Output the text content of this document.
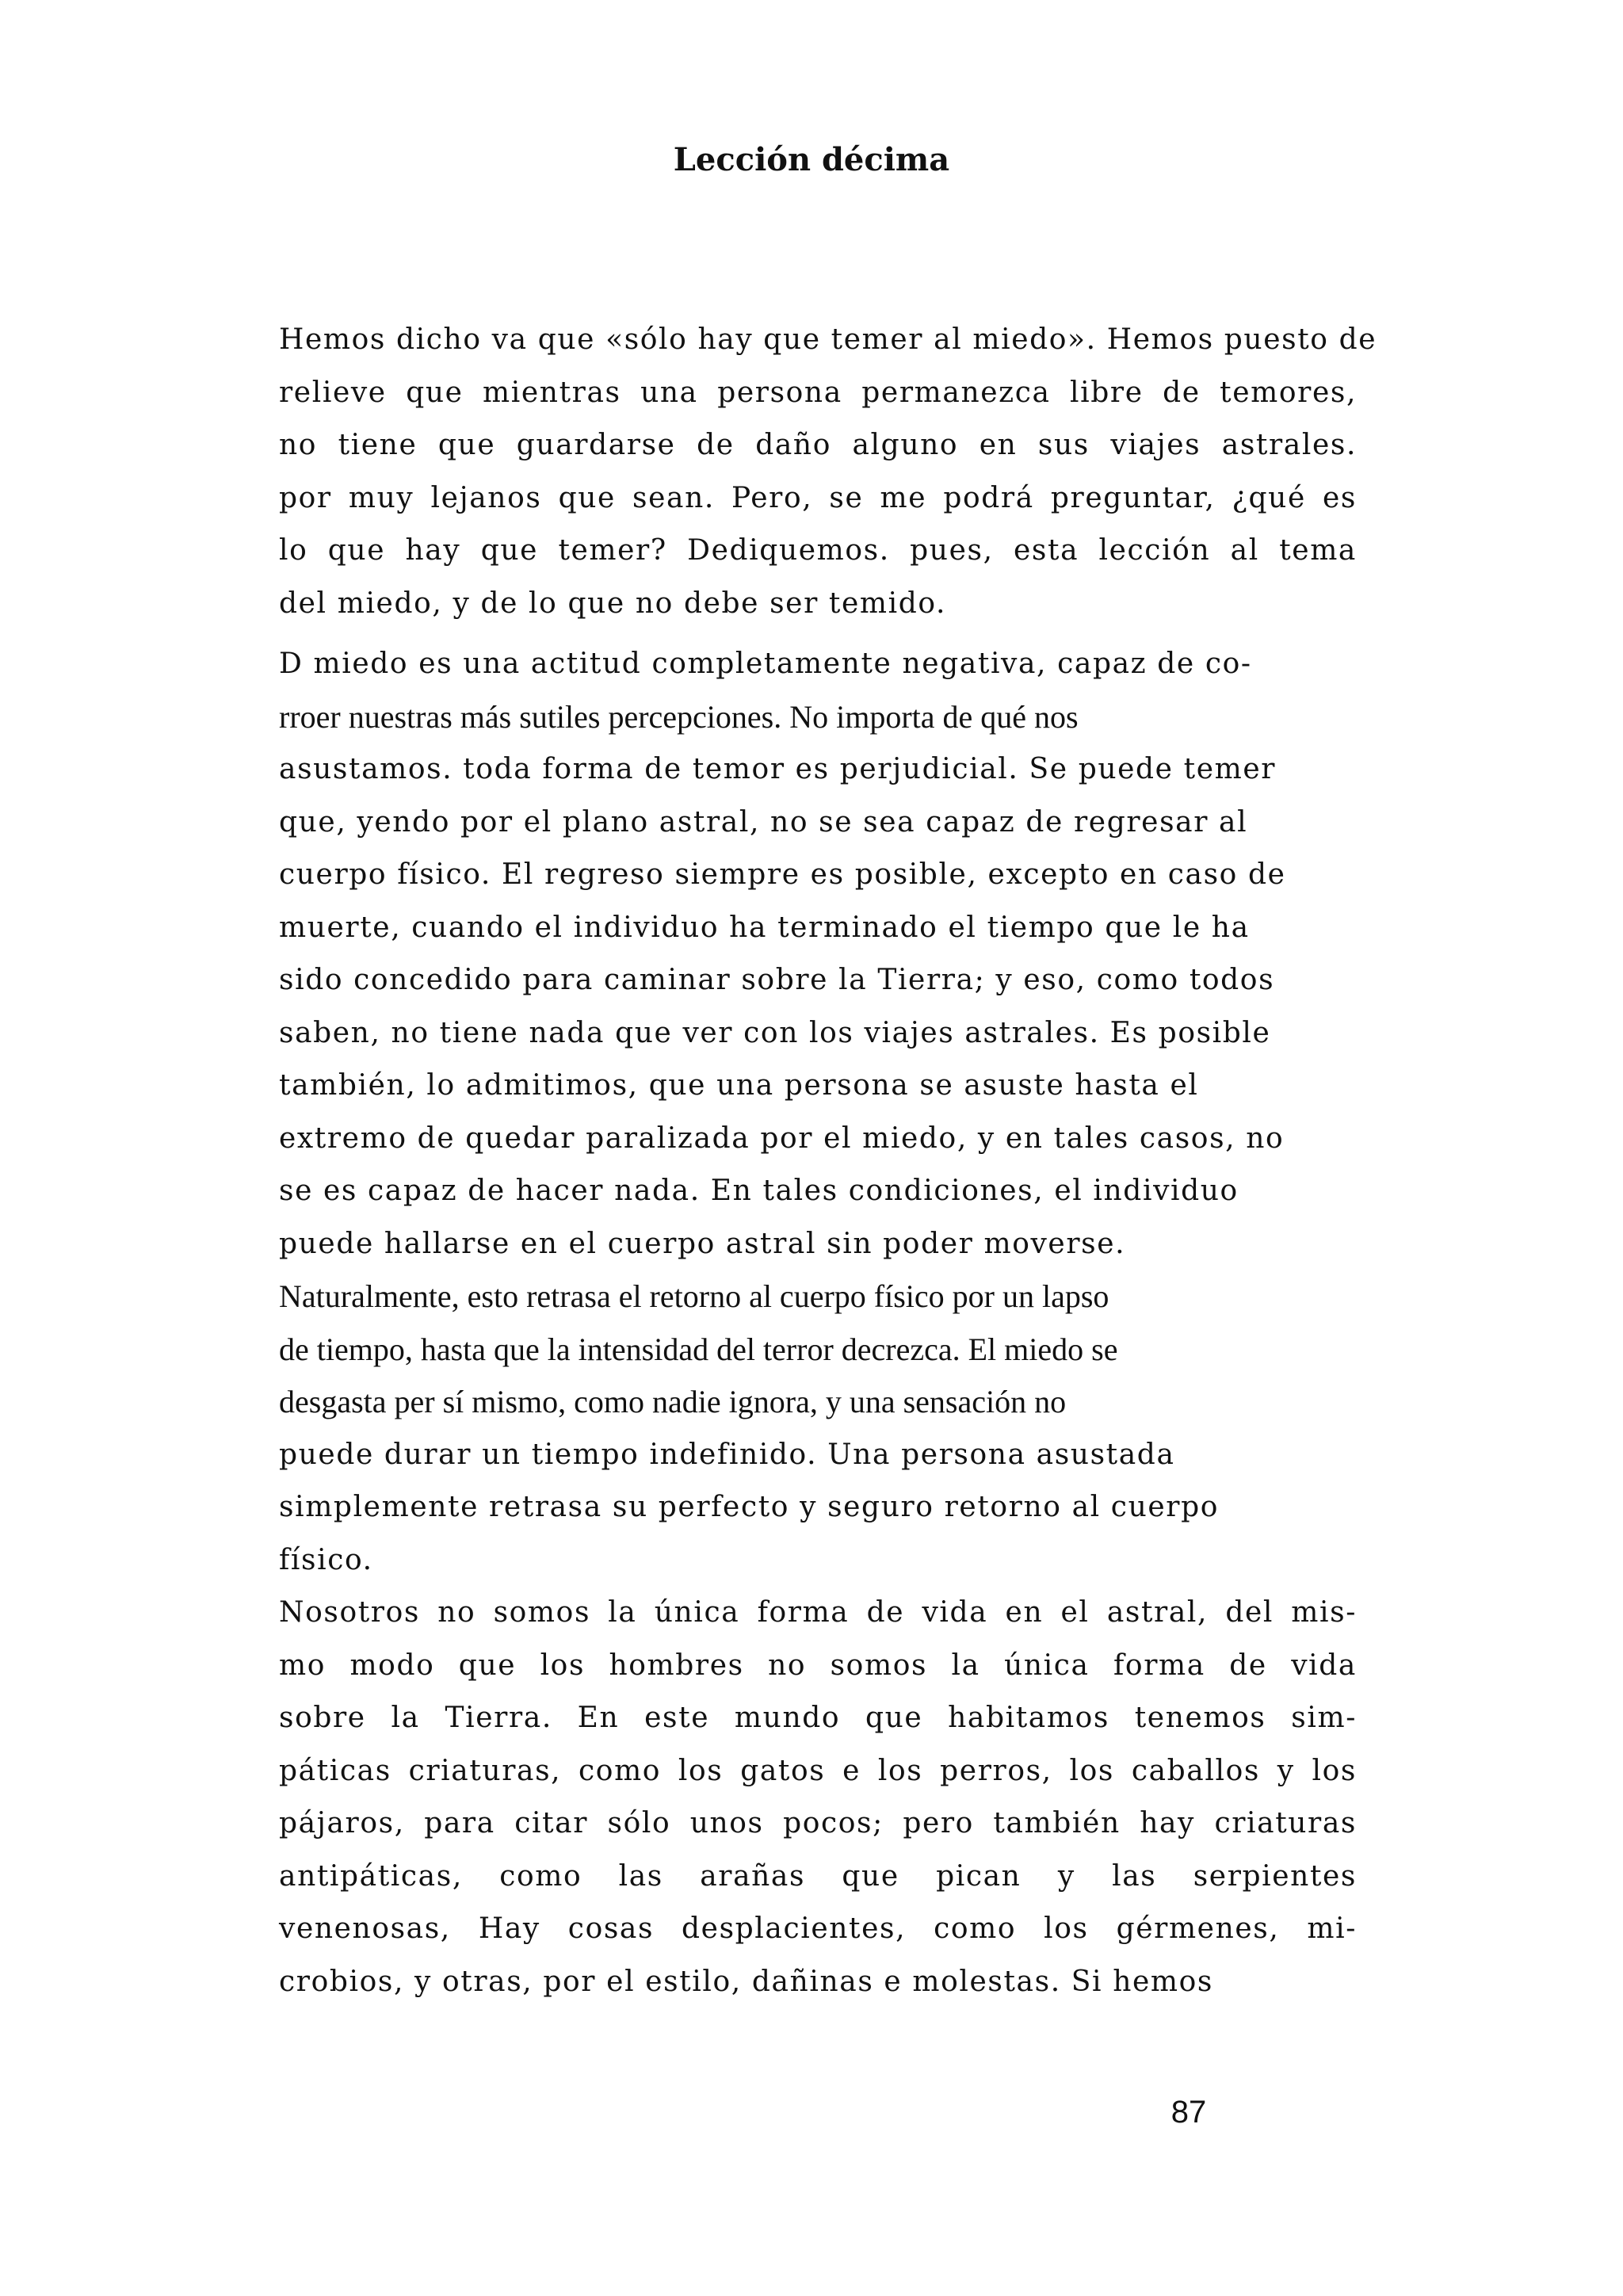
Lección décima
Hemos dicho va que «sólo hay que temer al miedo». Hemos puesto de
relieve que mientras una persona permanezca libre de temores,
no tiene que guardarse de daño alguno en sus viajes astrales.
por muy lejanos que sean. Pero, se me podrá preguntar, ¿qué es
lo que hay que temer? Dediquemos. pues, esta lección al tema
del miedo, y de lo que no debe ser temido.
D miedo es una actitud completamente negativa, capaz de co-
rroer nuestras más sutiles percepciones. No importa de qué nos
asustamos. toda forma de temor es perjudicial. Se puede temer
que, yendo por el plano astral, no se sea capaz de regresar al
cuerpo físico. El regreso siempre es posible, excepto en caso de
muerte, cuando el individuo ha terminado el tiempo que le ha
sido concedido para caminar sobre la Tierra; y eso, como todos
saben, no tiene nada que ver con los viajes astrales. Es posible
también, lo admitimos, que una persona se asuste hasta el
extremo de quedar paralizada por el miedo, y en tales casos, no
se es capaz de hacer nada. En tales condiciones, el individuo
puede hallarse en el cuerpo astral sin poder moverse.
Naturalmente, esto retrasa el retorno al cuerpo físico por un lapso
de tiempo, hasta que la intensidad del terror decrezca. El miedo se
desgasta per sí mismo, como nadie ignora, y una sensación no
puede durar un tiempo indefinido. Una persona asustada
simplemente retrasa su perfecto y seguro retorno al cuerpo
físico.
Nosotros no somos la única forma de vida en el astral, del mis-
mo modo que los hombres no somos la única forma de vida
sobre la Tierra. En este mundo que habitamos tenemos sim-
páticas criaturas, como los gatos e los perros, los caballos y los
pájaros, para citar sólo unos pocos; pero también hay criaturas
antipáticas, como las arañas que pican y las serpientes
venenosas, Hay cosas desplacientes, como los gérmenes, mi-
crobios, y otras, por el estilo, dañinas e molestas. Si hemos
87
